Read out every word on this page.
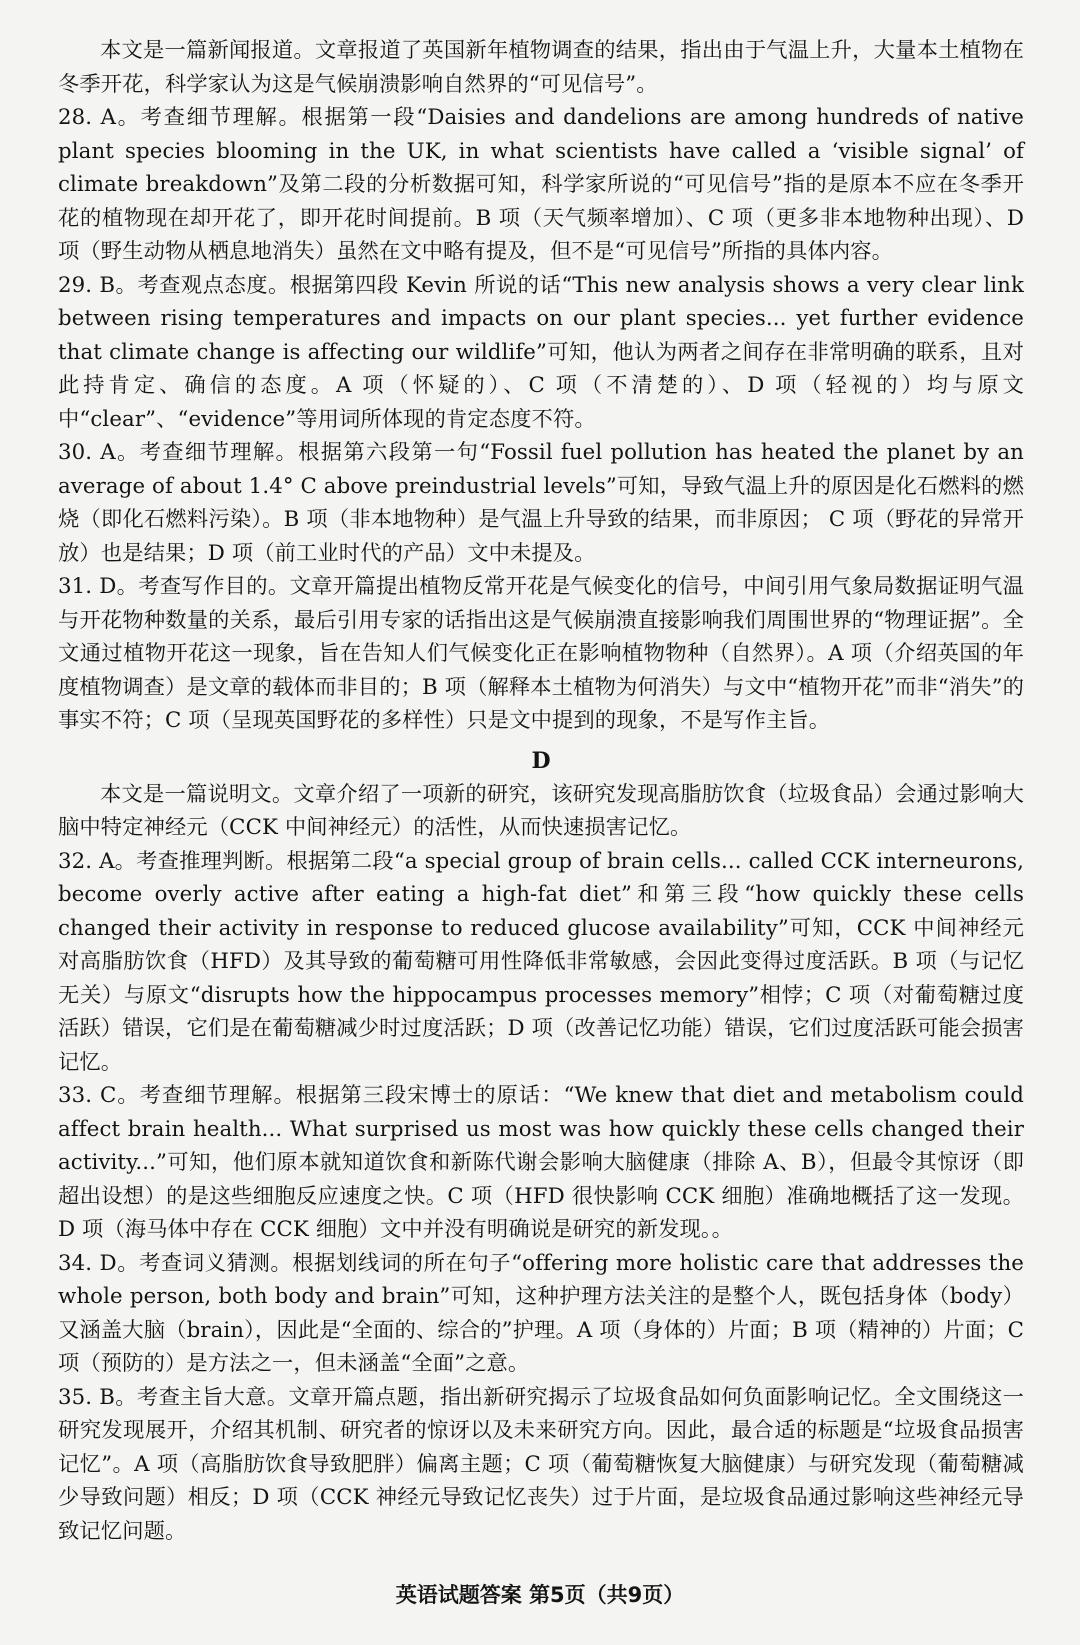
本文是一篇新闻报道。文章报道了英国新年植物调查的结果，指出由于气温上升，大量本土植物在冬季开花，科学家认为这是气候崩溃影响自然界的“可见信号”。

28. A。考查细节理解。根据第一段“Daisies and dandelions are among hundreds of native plant species blooming in the UK, in what scientists have called a ‘visible signal’ of climate breakdown”及第二段的分析数据可知，科学家所说的“可见信号”指的是原本不应在冬季开花的植物现在却开花了，即开花时间提前。B 项（天气频率增加）、C 项（更多非本地物种出现）、D 项（野生动物从栖息地消失）虽然在文中略有提及，但不是“可见信号”所指的具体内容。

29. B。考查观点态度。根据第四段 Kevin 所说的话“This new analysis shows a very clear link between rising temperatures and impacts on our plant species... yet further evidence that climate change is affecting our wildlife”可知，他认为两者之间存在非常明确的联系，且对此持肯定、确信的态度。A 项（怀疑的）、C 项（不清楚的）、D 项（轻视的）均与原文中“clear”、“evidence”等用词所体现的肯定态度不符。

30. A。考查细节理解。根据第六段第一句“Fossil fuel pollution has heated the planet by an average of about 1.4° C above preindustrial levels”可知，导致气温上升的原因是化石燃料的燃烧（即化石燃料污染）。B 项（非本地物种）是气温上升导致的结果，而非原因； C 项（野花的异常开放）也是结果；D 项（前工业时代的产品）文中未提及。

31. D。考查写作目的。文章开篇提出植物反常开花是气候变化的信号，中间引用气象局数据证明气温与开花物种数量的关系，最后引用专家的话指出这是气候崩溃直接影响我们周围世界的“物理证据”。全文通过植物开花这一现象，旨在告知人们气候变化正在影响植物物种（自然界）。A 项（介绍英国的年度植物调查）是文章的载体而非目的；B 项（解释本土植物为何消失）与文中“植物开花”而非“消失”的事实不符；C 项（呈现英国野花的多样性）只是文中提到的现象，不是写作主旨。

D

本文是一篇说明文。文章介绍了一项新的研究，该研究发现高脂肪饮食（垃圾食品）会通过影响大脑中特定神经元（CCK 中间神经元）的活性，从而快速损害记忆。

32. A。考查推理判断。根据第二段“a special group of brain cells... called CCK interneurons, become overly active after eating a high-fat diet”和第三段“how quickly these cells changed their activity in response to reduced glucose availability”可知，CCK 中间神经元对高脂肪饮食（HFD）及其导致的葡萄糖可用性降低非常敏感，会因此变得过度活跃。B 项（与记忆无关）与原文“disrupts how the hippocampus processes memory”相悖；C 项（对葡萄糖过度活跃）错误，它们是在葡萄糖减少时过度活跃；D 项（改善记忆功能）错误，它们过度活跃可能会损害记忆。

33. C。考查细节理解。根据第三段宋博士的原话：“We knew that diet and metabolism could affect brain health... What surprised us most was how quickly these cells changed their activity...”可知，他们原本就知道饮食和新陈代谢会影响大脑健康（排除 A、B），但最令其惊讶（即超出设想）的是这些细胞反应速度之快。C 项（HFD 很快影响 CCK 细胞）准确地概括了这一发现。D 项（海马体中存在 CCK 细胞）文中并没有明确说是研究的新发现。。

34. D。考查词义猜测。根据划线词的所在句子“offering more holistic care that addresses the whole person, both body and brain”可知，这种护理方法关注的是整个人，既包括身体（body）又涵盖大脑（brain），因此是“全面的、综合的”护理。A 项（身体的）片面；B 项（精神的）片面；C 项（预防的）是方法之一，但未涵盖“全面”之意。

35. B。考查主旨大意。文章开篇点题，指出新研究揭示了垃圾食品如何负面影响记忆。全文围绕这一研究发现展开，介绍其机制、研究者的惊讶以及未来研究方向。因此，最合适的标题是“垃圾食品损害记忆”。A 项（高脂肪饮食导致肥胖）偏离主题；C 项（葡萄糖恢复大脑健康）与研究发现（葡萄糖减少导致问题）相反；D 项（CCK 神经元导致记忆丧失）过于片面，是垃圾食品通过影响这些神经元导致记忆问题。

英语试题答案 第5页（共9页）
